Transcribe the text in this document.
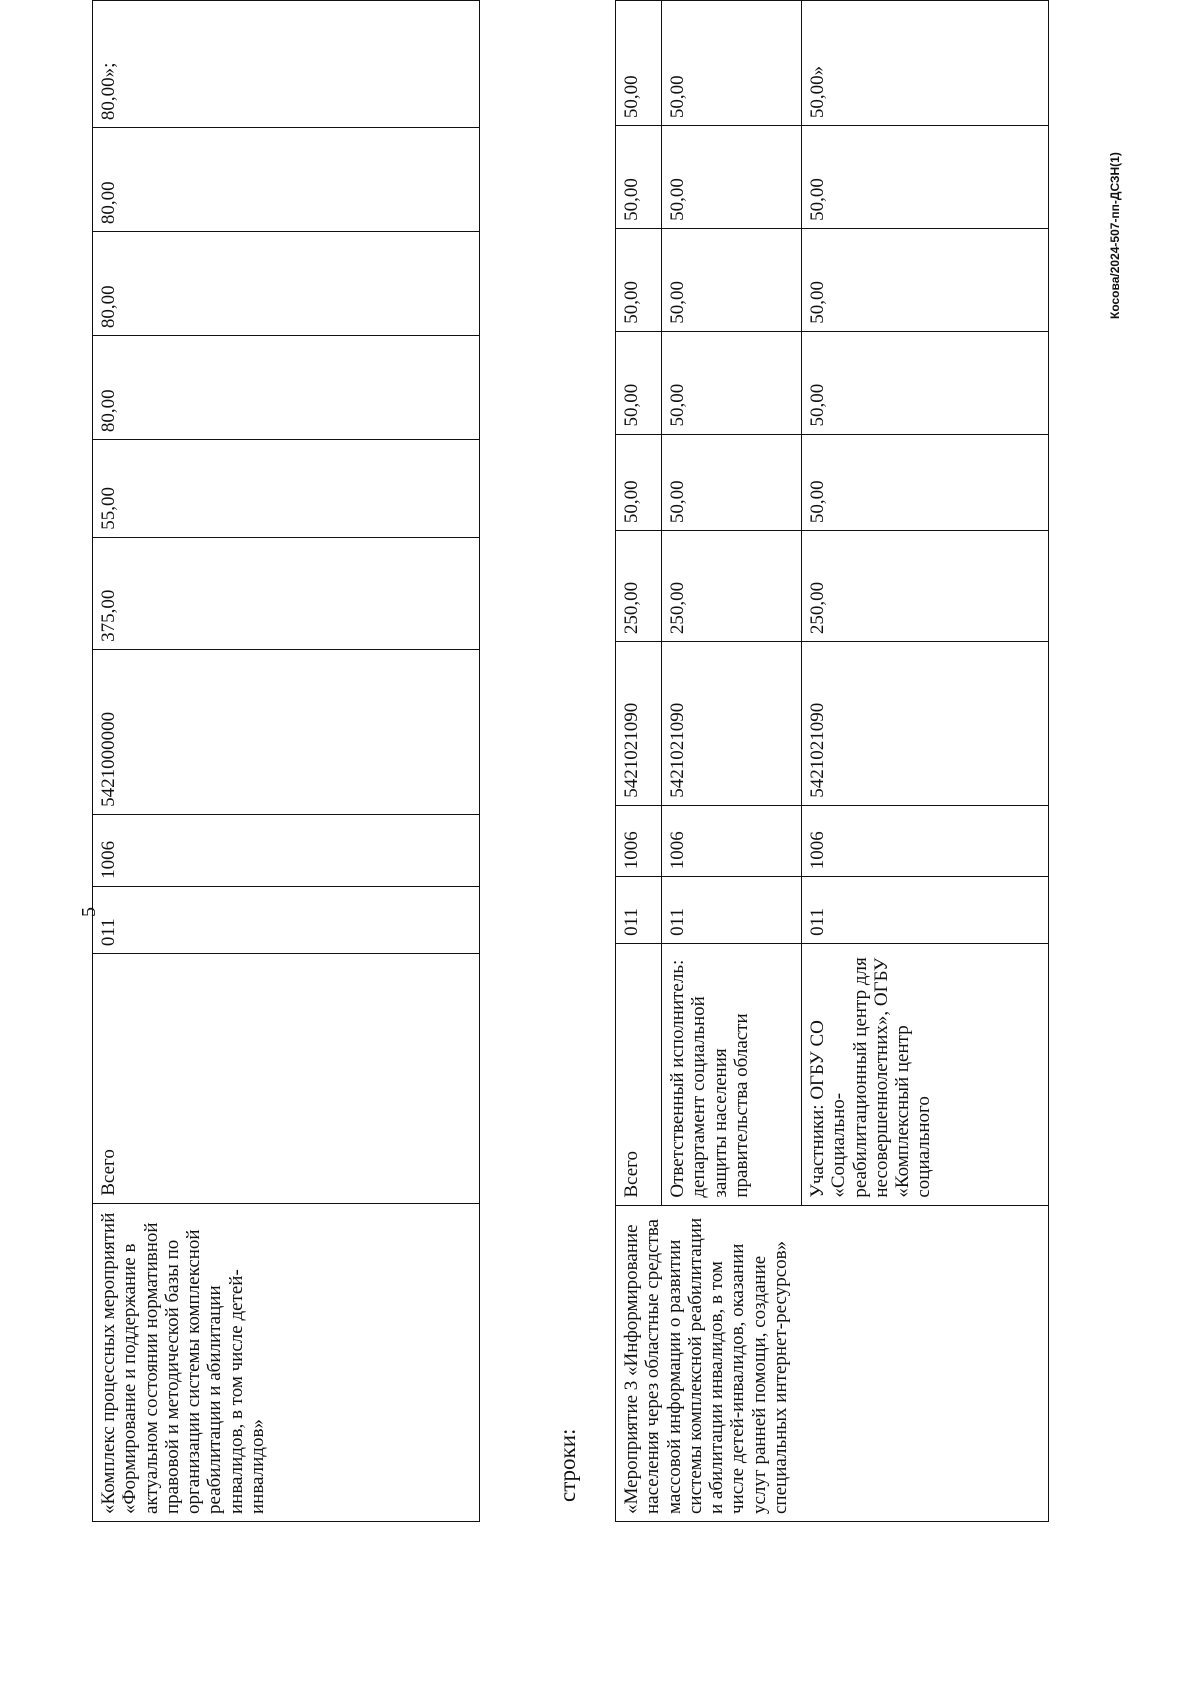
5
«Комплекс процессных мероприятий «Формирование и поддержание в актуальном состоянии нормативной правовой и методической базы по организации системы комплексной реабилитации и абилитации инвалидов, в том числе детей-инвалидов»	Всего	011	1006	5421000000	375,00	55,00	80,00	80,00	80,00	80,00»;
строки: «Мероприятие 3 «Информирование населения через областные средства массовой информации о развитии системы комплексной реабилитации и абилитации инвалидов, в том числе детей-инвалидов, оказании услуг ранней помощи, создание специальных интернет-ресурсов»	Всего	011	1006	5421021090	250,00	50,00	50,00	50,00	50,00	50,00
	Ответственный исполнитель: департамент социальной защиты населения правительства области	011	1006	5421021090	250,00	50,00	50,00	50,00	50,00	50,00
	Участники: ОГБУ СО «Социально-реабилитационный центр для несовершеннолетних», ОГБУ «Комплексный центр социального	011	1006	5421021090	250,00	50,00	50,00	50,00	50,00	50,00»
Косова/2024-507-пп-ДСЗН(1)
